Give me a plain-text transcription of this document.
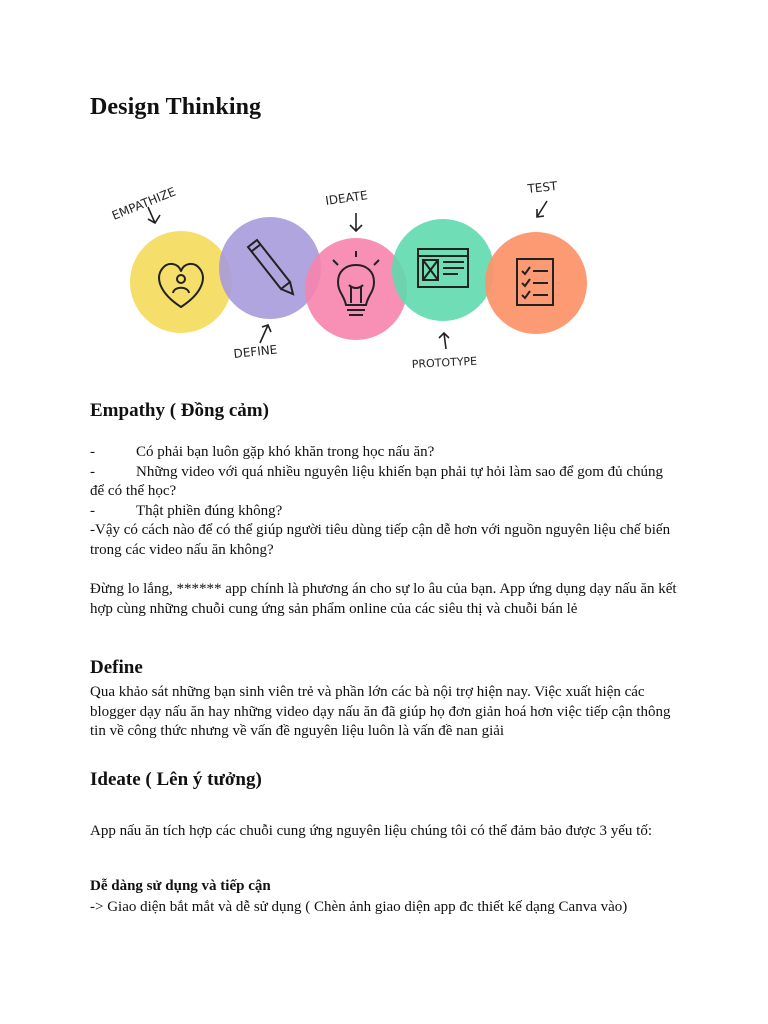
Design Thinking
EMPATHIZE
DEFINE
IDEATE
PROTOTYPE
TEST
Empathy ( Đồng cảm)
-	Có phải bạn luôn gặp khó khăn trong học nấu ăn?
-	Những video với quá nhiều nguyên liệu khiến bạn phải tự hỏi làm sao để gom đủ chúng để có thể học?
-	Thật phiền đúng không?
-Vậy có cách nào để có thể giúp người tiêu dùng tiếp cận dễ hơn với nguồn nguyên liệu chế biến trong các video nấu ăn không?

Đừng lo lắng, ****** app chính là phương án cho sự lo âu của bạn. App ứng dụng dạy nấu ăn kết hợp cùng những chuỗi cung ứng sản phẩm online của các siêu thị và chuỗi bán lẻ

Define

Qua khảo sát những bạn sinh viên trẻ và phần lớn các bà nội trợ hiện nay. Việc xuất hiện các blogger dạy nấu ăn hay những video dạy nấu ăn đã giúp họ đơn giản hoá hơn việc tiếp cận thông tin về công thức nhưng về vấn đề nguyên liệu luôn là vấn đề nan giải

Ideate ( Lên ý tưởng)

App nấu ăn tích hợp các chuỗi cung ứng nguyên liệu chúng tôi có thể đảm bảo được 3 yếu tố:

Dễ dàng sử dụng và tiếp cận

-> Giao diện bắt mắt và dễ sử dụng ( Chèn ảnh giao diện app đc thiết kế dạng Canva vào)
